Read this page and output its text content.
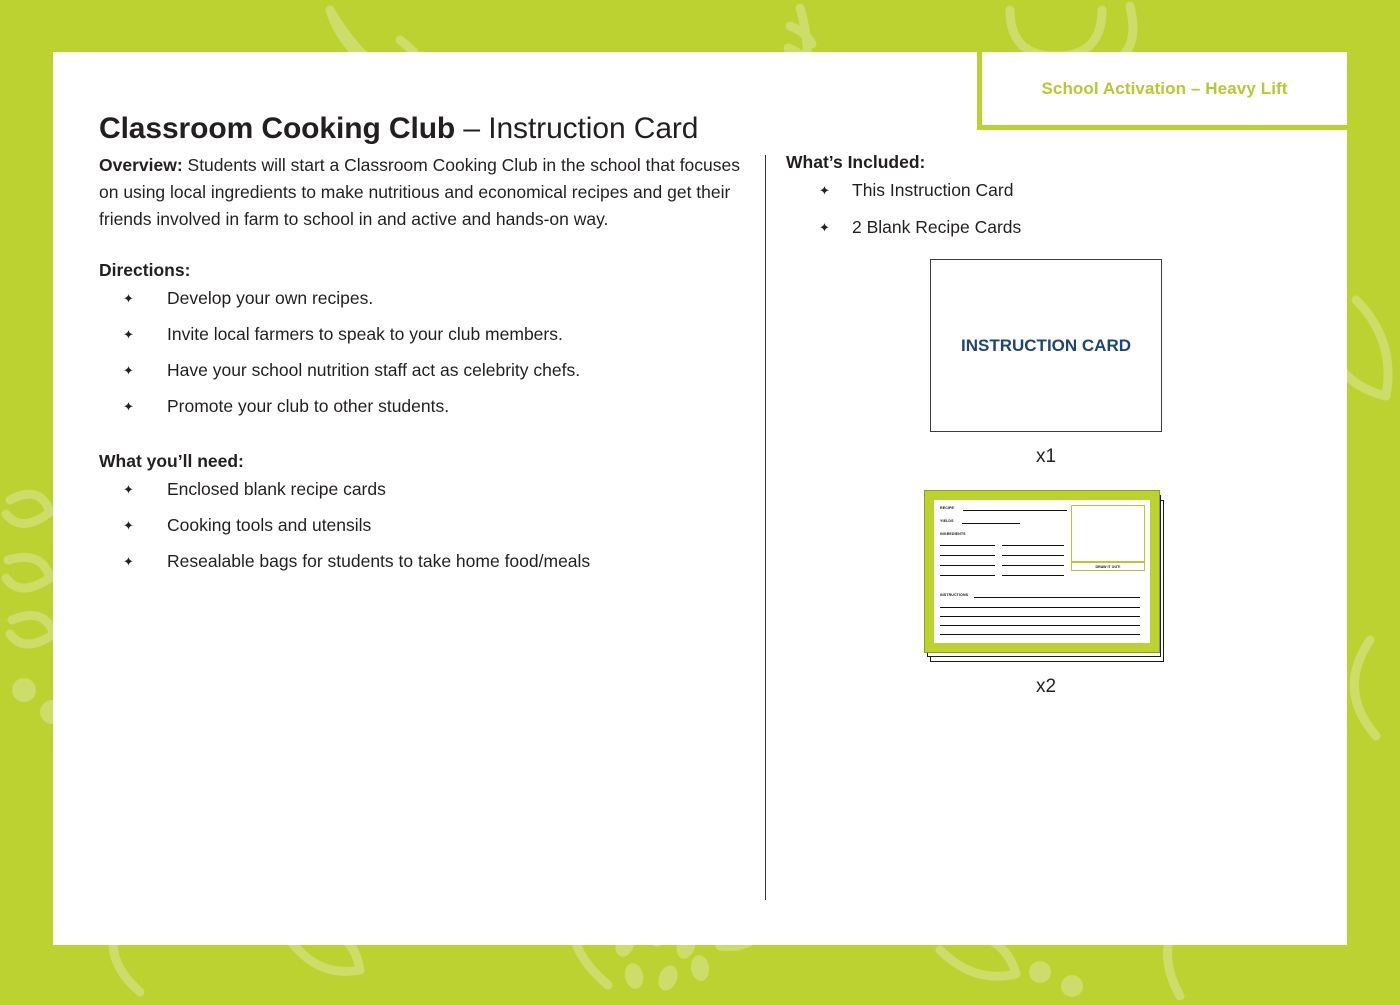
Classroom Cooking Club – Instruction Card
School Activation – Heavy Lift

Overview: Students will start a Classroom Cooking Club in the school that focuses on using local ingredients to make nutritious and economical recipes and get their friends involved in farm to school in and active and hands-on way.

Directions:
✦ Develop your own recipes.
✦ Invite local farmers to speak to your club members.
✦ Have your school nutrition staff act as celebrity chefs.
✦ Promote your club to other students.
What you’ll need:
✦ Enclosed blank recipe cards
✦ Cooking tools and utensils
✦ Resealable bags for students to take home food/meals
What’s Included:
✦ This Instruction Card
✦ 2 Blank Recipe Cards
INSTRUCTION CARD
x1
RECIPE
YIELDS
INGREDIENTS
DRAW IT OUT!
INSTRUCTIONS
x2
